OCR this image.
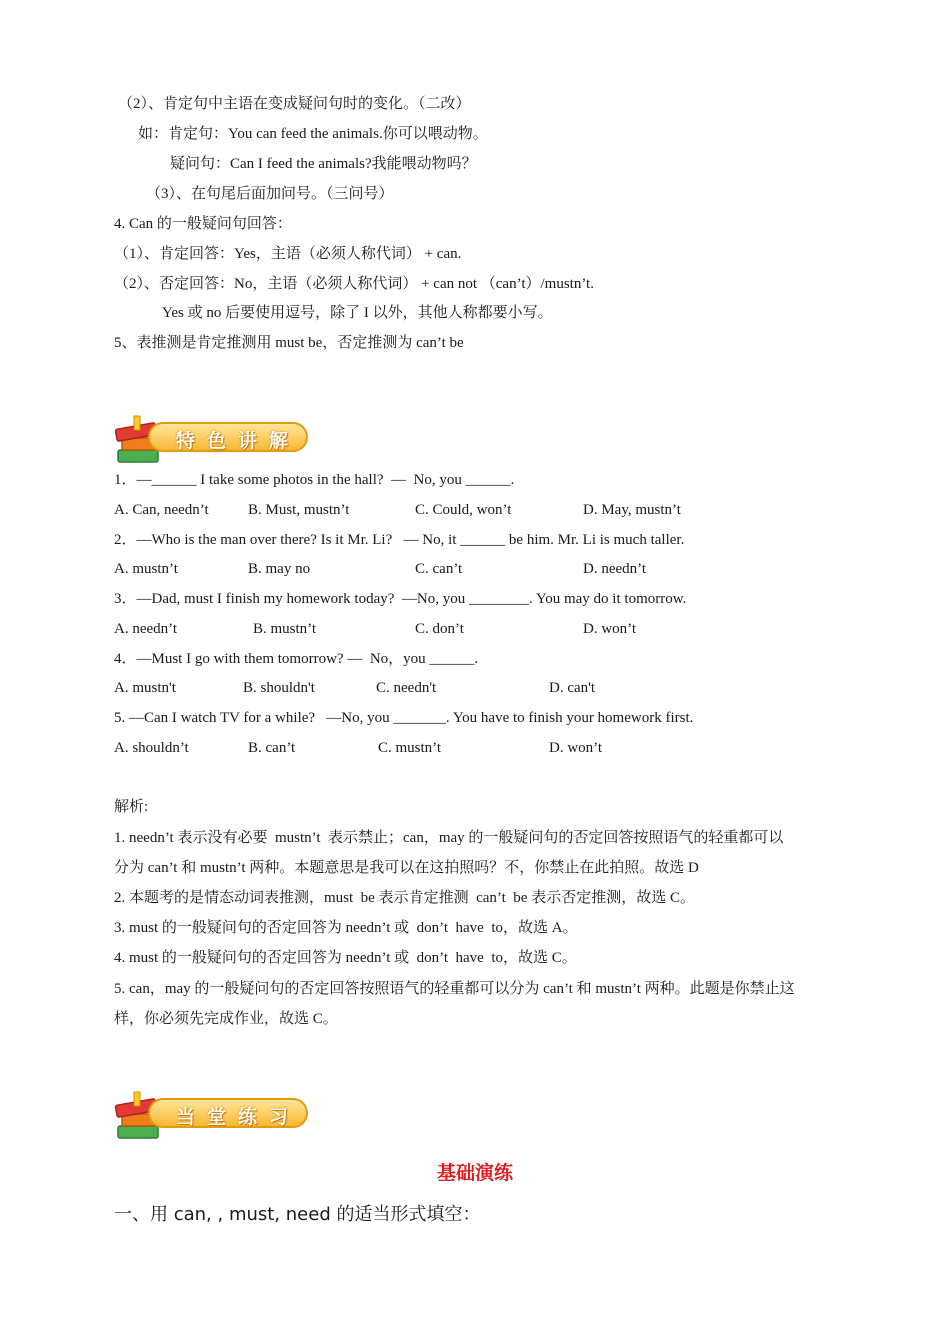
（2）、肯定句中主语在变成疑问句时的变化。（二改）
如：肯定句：You can feed the animals.你可以喂动物。
疑问句：Can I feed the animals?我能喂动物吗？
（3）、在句尾后面加问号。（三问号）
4. Can 的一般疑问句回答：
（1）、肯定回答：Yes，主语（必须人称代词） + can.
（2）、否定回答：No，主语（必须人称代词） + can not （can’t）/mustn’t.
Yes 或 no 后要使用逗号，除了 I 以外，其他人称都要小写。
5、表推测是肯定推测用 must be，否定推测为 can’t be
特色讲解
1．—______ I take some photos in the hall?  —  No, you ______.
A. Can, needn’t	B. Must, mustn’t	C. Could, won’t	D. May, mustn’t
2．—Who is the man over there? Is it Mr. Li?   — No, it ______ be him. Mr. Li is much taller.
A. mustn’t	B. may no	C. can’t	D. needn’t
3．—Dad, must I finish my homework today?  —No, you ________. You may do it tomorrow.
A. needn’t	B. mustn’t	C. don’t	D. won’t
4．—Must I go with them tomorrow? —  No，you ______.
A. mustn't	B. shouldn't	C. needn't	D. can't
5. —Can I watch TV for a while?   —No, you _______. You have to finish your homework first.
A. shouldn’t	B. can’t	C. mustn’t	D. won’t
解析:
1. needn’t 表示没有必要  mustn’t  表示禁止；can，may 的一般疑问句的否定回答按照语气的轻重都可以
分为 can’t 和 mustn’t 两种。本题意思是我可以在这拍照吗？不，你禁止在此拍照。故选 D
2. 本题考的是情态动词表推测，must  be 表示肯定推测  can’t  be 表示否定推测，故选 C。
3. must 的一般疑问句的否定回答为 needn’t 或  don’t  have  to，故选 A。
4. must 的一般疑问句的否定回答为 needn’t 或  don’t  have  to，故选 C。
5. can，may 的一般疑问句的否定回答按照语气的轻重都可以分为 can’t 和 mustn’t 两种。此题是你禁止这
样，你必须先完成作业，故选 C。
当堂练习
基础演练
一、用 can, , must, need 的适当形式填空：
